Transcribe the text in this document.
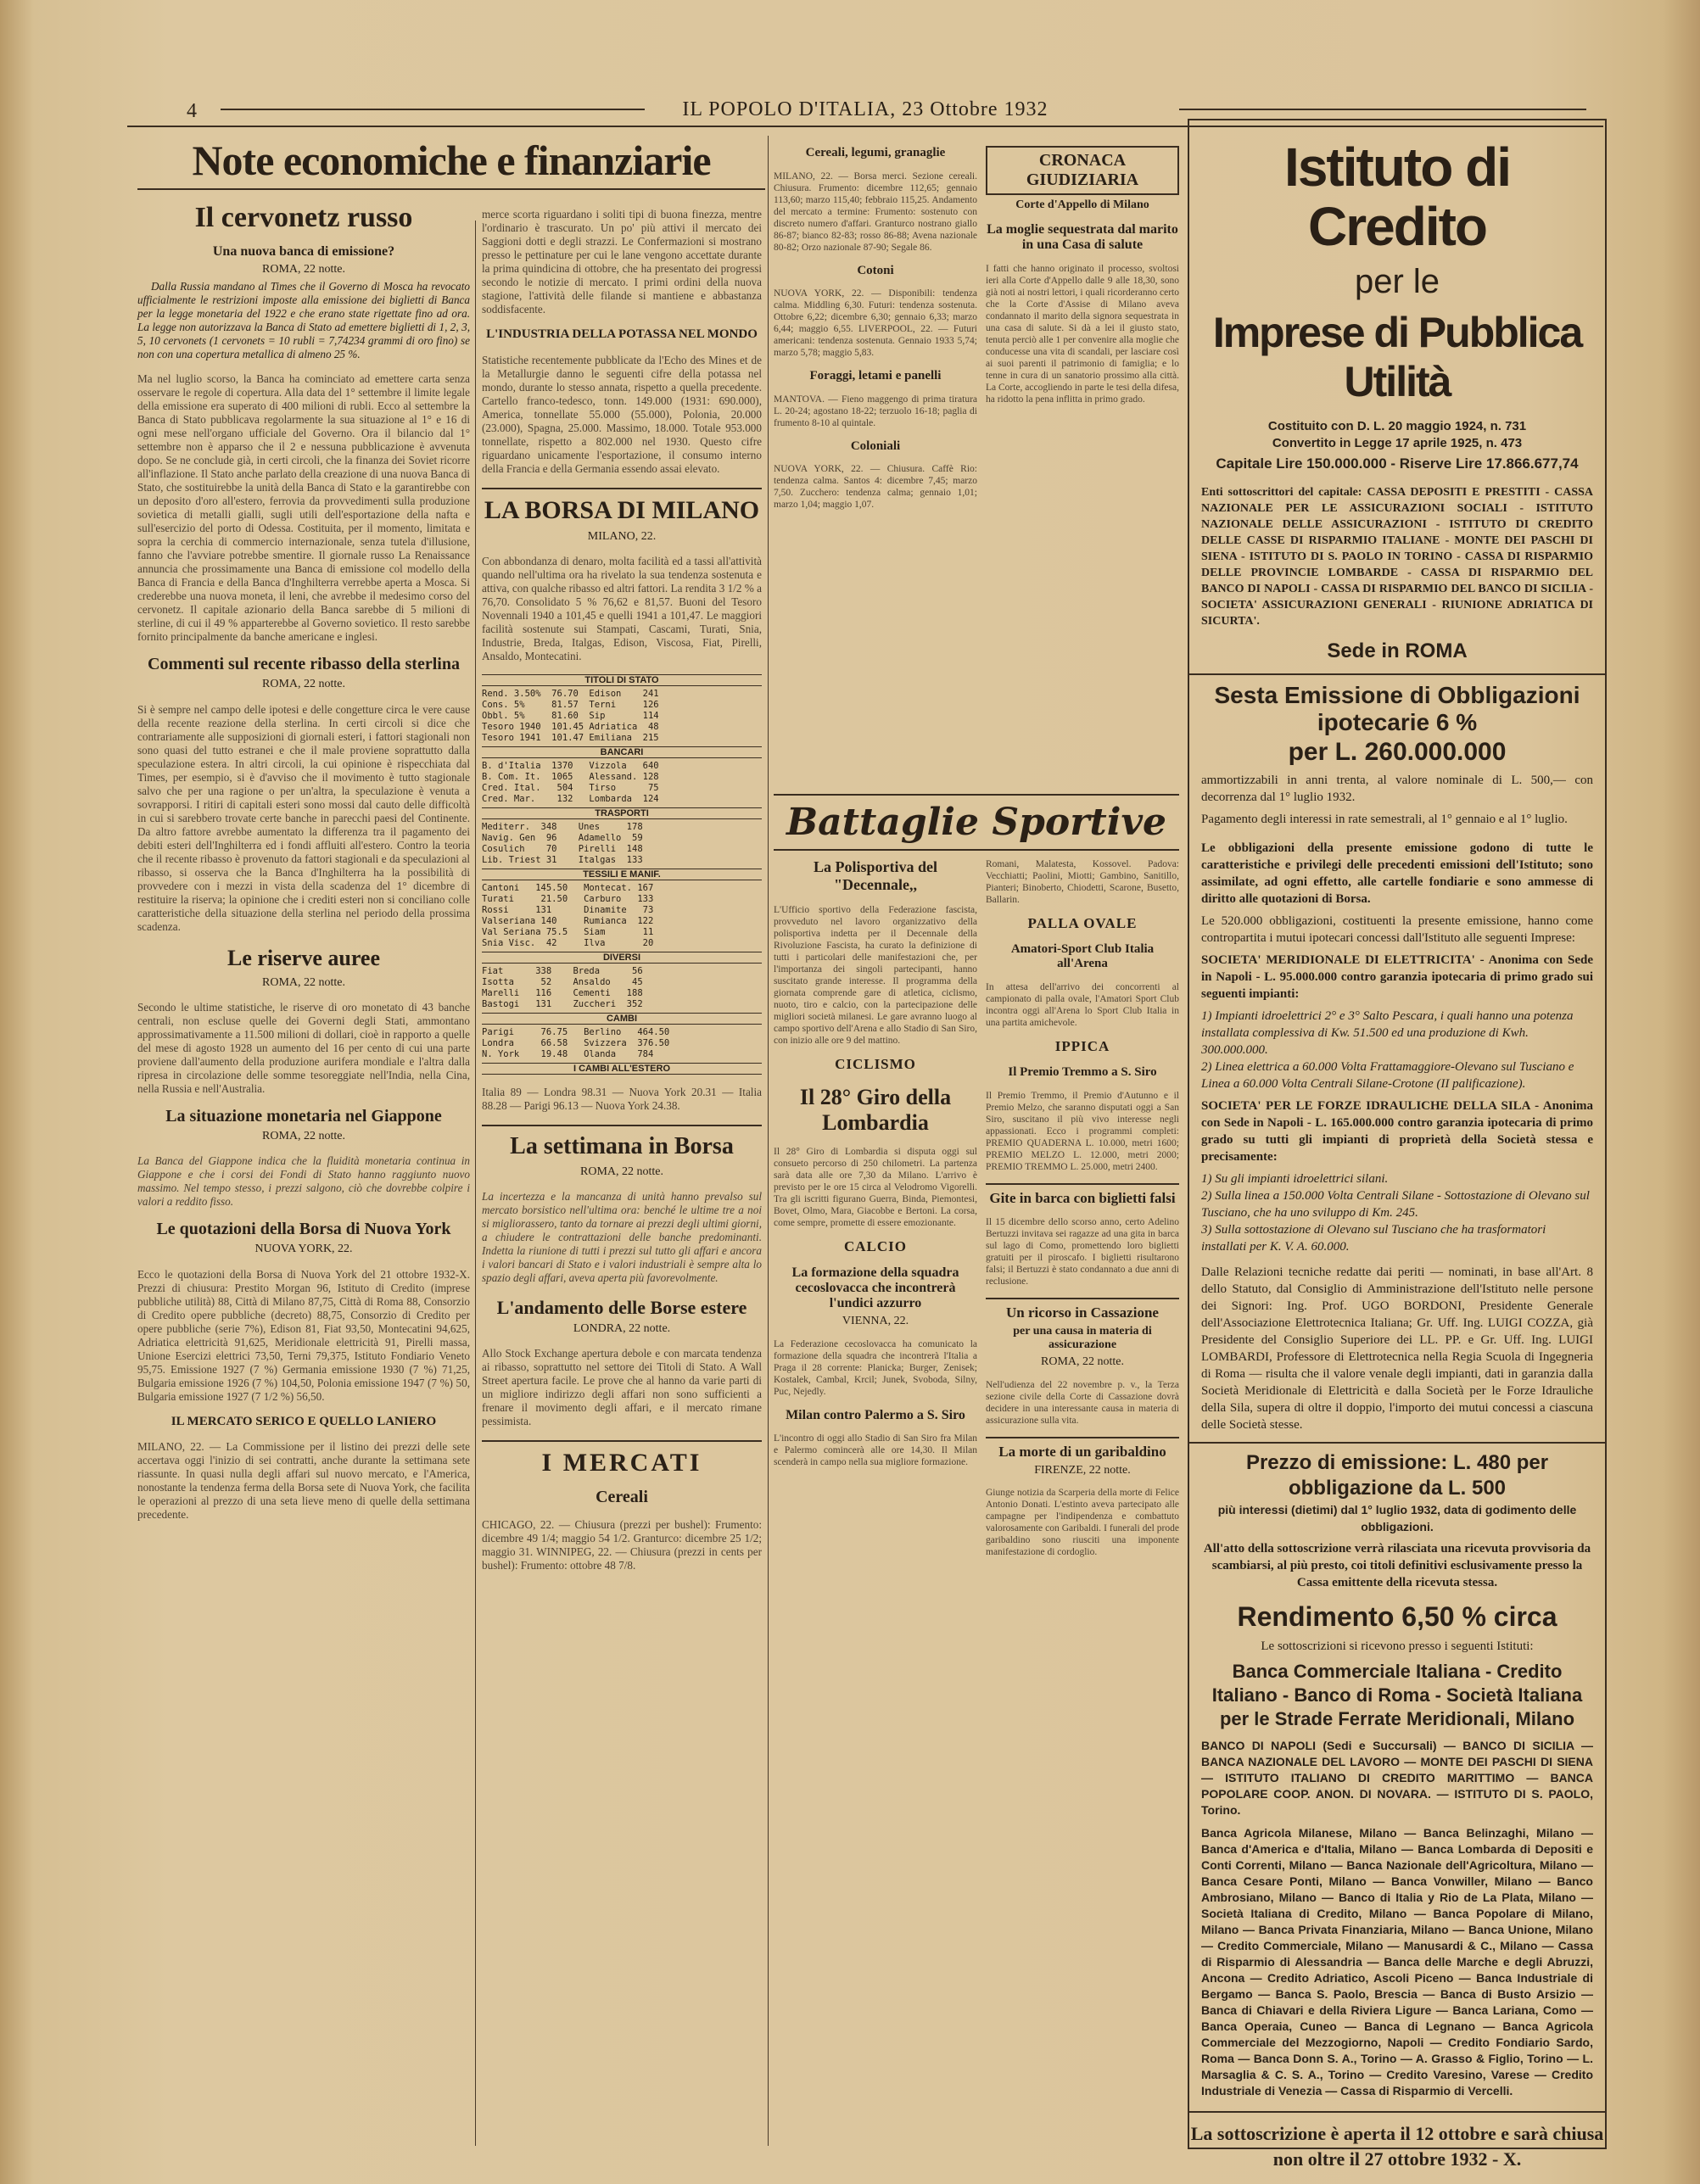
4	IL POPOLO D'ITALIA, 23 Ottobre 1932
Note economiche e finanziarie
Il cervonetz russo
Una nuova banca di emissione?
ROMA, 22 notte.

Dalla Russia mandano al Times che il Governo di Mosca ha revocato ufficialmente le restrizioni imposte alla emissione dei biglietti di Banca per la legge monetaria del 1922 e che erano state rigettate fino ad ora. La legge non autorizzava la Banca di Stato ad emettere biglietti di 1, 2, 3, 5, 10 cervonets (1 cervonets = 10 rubli = 7,74234 grammi di oro fino) se non con una copertura metallica di almeno 25 %.

Ma nel luglio scorso, la Banca ha cominciato ad emettere carta senza osservare le regole di copertura. Alla data del 1° settembre il limite legale della emissione era superato di 400 milioni di rubli. Ecco al settembre la Banca di Stato pubblicava regolarmente la sua situazione al 1° e 16 di ogni mese nell'organo ufficiale del Governo. Ora il bilancio dal 1° settembre non è apparso che il 2 e nessuna pubblicazione è avvenuta dopo. Se ne conclude già, in certi circoli, che la finanza dei Soviet ricorre all'inflazione. Il Stato anche parlato della creazione di una nuova Banca di Stato, che sostituirebbe la unità della Banca di Stato e la garantirebbe con un deposito d'oro all'estero, ferrovia da provvedimenti sulla produzione sovietica di metalli gialli, sugli utili dell'esportazione della nafta e sull'esercizio del porto di Odessa. Costituita, per il momento, limitata e sopra la cerchia di commercio internazionale, senza tutela d'illusione, fanno che l'avviare potrebbe smentire. Il giornale russo La Renaissance annuncia che prossimamente una Banca di emissione col modello della Banca di Francia e della Banca d'Inghilterra verrebbe aperta a Mosca. Si crederebbe una nuova moneta, il leni, che avrebbe il medesimo corso del cervonetz. Il capitale azionario della Banca sarebbe di 5 milioni di sterline, di cui il 49 % apparterebbe al Governo sovietico. Il resto sarebbe fornito principalmente da banche americane e inglesi.

Commenti sul recente ribasso della sterlina
ROMA, 22 notte.

Si è sempre nel campo delle ipotesi e delle congetture circa le vere cause della recente reazione della sterlina. In certi circoli si dice che contrariamente alle supposizioni di giornali esteri, i fattori stagionali non sono quasi del tutto estranei e che il male proviene soprattutto dalla speculazione estera. In altri circoli, la cui opinione è rispecchiata dal Times, per esempio, si è d'avviso che il movimento è tutto stagionale salvo che per una ragione o per un'altra, la speculazione è venuta a sovrapporsi. I ritiri di capitali esteri sono mossi dal cauto delle difficoltà in cui si sarebbero trovate certe banche in parecchi paesi del Continente. Da altro fattore avrebbe aumentato la differenza tra il pagamento dei debiti esteri dell'Inghilterra ed i fondi affluiti all'estero. Contro la teoria che il recente ribasso è provenuto da fattori stagionali e da speculazioni al ribasso, si osserva che la Banca d'Inghilterra ha la possibilità di provvedere con i mezzi in vista della scadenza del 1° dicembre di restituire la riserva; la opinione che i crediti esteri non si conciliano colle caratteristiche della situazione della sterlina nel periodo della prossima scadenza.

Le riserve auree
ROMA, 22 notte.

Secondo le ultime statistiche, le riserve di oro monetato di 43 banche centrali, non escluse quelle dei Governi degli Stati, ammontano approssimativamente a 11.500 milioni di dollari, cioè in rapporto a quelle del mese di agosto 1928 un aumento del 16 per cento di cui una parte proviene dall'aumento della produzione aurifera mondiale e l'altra dalla ripresa in circolazione delle somme tesoreggiate nell'India, nella Cina, nella Russia e nell'Australia.

La situazione monetaria nel Giappone
ROMA, 22 notte.

La Banca del Giappone indica che la fluidità monetaria continua in Giappone e che i corsi dei Fondi di Stato hanno raggiunto nuovo massimo. Nel tempo stesso, i prezzi salgono, ciò che dovrebbe colpire i valori a reddito fisso.

Le quotazioni della Borsa di Nuova York
NUOVA YORK, 22.

Ecco le quotazioni della Borsa di Nuova York del 21 ottobre 1932-X. Prezzi di chiusura: Prestito Morgan 96, Istituto di Credito (imprese pubbliche utilità) 88, Città di Milano 87,75, Città di Roma 88, Consorzio di Credito opere pubbliche (decreto) 88,75, Consorzio di Credito per opere pubbliche (serie 7%), Edison 81, Fiat 93,50, Montecatini 94,625, Adriatica elettricità 91,625, Meridionale elettricità 91, Pirelli massa, Unione Esercizi elettrici 73,50, Terni 79,375, Istituto Fondiario Veneto 95,75. Emissione 1927 (7 %) Germania emissione 1930 (7 %) 71,25, Bulgaria emissione 1926 (7 %) 104,50, Polonia emissione 1947 (7 %) 50, Bulgaria emissione 1927 (7 1/2 %) 56,50.

IL MERCATO SERICO E QUELLO LANIERO

MILANO, 22. — La Commissione per il listino dei prezzi delle sete accertava oggi l'inizio di sei contratti, anche durante la settimana sete riassunte. In quasi nulla degli affari sul nuovo mercato, e l'America, nonostante la tendenza ferma della Borsa sete di Nuova York, che facilita le operazioni al prezzo di una seta lieve meno di quelle della settimana precedente.

merce scorta riguardano i soliti tipi di buona finezza, mentre l'ordinario è trascurato. Un po' più attivi il mercato dei Saggioni dotti e degli strazzi. Le Confermazioni si mostrano presso le pettinature per cui le lane vengono accettate durante la prima quindicina di ottobre, che ha presentato dei progressi secondo le notizie di mercato. I primi ordini della nuova stagione, l'attività delle filande si mantiene e abbastanza soddisfacente.

L'INDUSTRIA DELLA POTASSA NEL MONDO

Statistiche recentemente pubblicate da l'Echo des Mines et de la Metallurgie danno le seguenti cifre della potassa nel mondo, durante lo stesso annata, rispetto a quella precedente. Cartello franco-tedesco, tonn. 149.000 (1931: 690.000), America, tonnellate 55.000 (55.000), Polonia, 20.000 (23.000), Spagna, 25.000. Massimo, 18.000. Totale 953.000 tonnellate, rispetto a 802.000 nel 1930. Questo cifre riguardano unicamente l'esportazione, il consumo interno della Francia e della Germania essendo assai elevato.

LA BORSA DI MILANO
MILANO, 22.

Con abbondanza di denaro, molta facilità ed a tassi all'attività quando nell'ultima ora ha rivelato la sua tendenza sostenuta e attiva, con qualche ribasso ed altri fattori. La rendita 3 1/2 % a 76,70. Consolidato 5 % 76,62 e 81,57. Buoni del Tesoro Novennali 1940 a 101,45 e quelli 1941 a 101,47. Le maggiori facilità sostenute sui Stampati, Cascami, Turati, Snia, Industrie, Breda, Italgas, Edison, Viscosa, Fiat, Pirelli, Ansaldo, Montecatini.

TITOLI DI STATO
Rend. 3.50%  76.70  Edison    241
Cons. 5%     81.57  Terni     126
Obbl. 5%     81.60  Sip       114
Tesoro 1940  101.45 Adriatica  48
Tesoro 1941  101.47 Emiliana  215
BANCARI
B. d'Italia  1370   Vizzola   640
B. Com. It.  1065   Alessand. 128
Cred. Ital.   504   Tirso      75
Cred. Mar.    132   Lombarda  124
TRASPORTI
Mediterr.  348    Unes     178
Navig. Gen  96    Adamello  59
Cosulich    70    Pirelli  148
Lib. Triest 31    Italgas  133
TESSILI E MANIF.
Cantoni   145.50   Montecat. 167
Turati     21.50   Carburo   133
Rossi     131      Dinamite   73
Valseriana 140     Rumianca  122
Val Seriana 75.5   Siam       11
Snia Visc.  42     Ilva       20
DIVERSI
Fiat      338    Breda      56
Isotta     52    Ansaldo    45
Marelli   116    Cementi   188
Bastogi   131    Zuccheri  352
CAMBI
Parigi     76.75   Berlino   464.50
Londra     66.58   Svizzera  376.50
N. York    19.48   Olanda    784
I CAMBI ALL'ESTERO

Italia 89 — Londra 98.31 — Nuova York 20.31 — Italia 88.28 — Parigi 96.13 — Nuova York 24.38.

La settimana in Borsa
ROMA, 22 notte.

La incertezza e la mancanza di unità hanno prevalso sul mercato borsistico nell'ultima ora: benché le ultime tre a noi si migliorassero, tanto da tornare ai prezzi degli ultimi giorni, a chiudere le contrattazioni delle banche predominanti. Indetta la riunione di tutti i prezzi sul tutto gli affari e ancora i valori bancari di Stato e i valori industriali è sempre alta lo spazio degli affari, aveva aperta più favorevolmente.

L'andamento delle Borse estere
LONDRA, 22 notte.

Allo Stock Exchange apertura debole e con marcata tendenza ai ribasso, soprattutto nel settore dei Titoli di Stato. A Wall Street apertura facile. Le prove che al hanno da varie parti di un migliore indirizzo degli affari non sono sufficienti a frenare il movimento degli affari, e il mercato rimane pessimista.

I MERCATI
Cereali

CHICAGO, 22. — Chiusura (prezzi per bushel): Frumento: dicembre 49 1/4; maggio 54 1/2. Granturco: dicembre 25 1/2; maggio 31. WINNIPEG, 22. — Chiusura (prezzi in cents per bushel): Frumento: ottobre 48 7/8.

Cereali, legumi, granaglie

MILANO, 22. — Borsa merci. Sezione cereali. Chiusura. Frumento: dicembre 112,65; gennaio 113,60; marzo 115,40; febbraio 115,25. Andamento del mercato a termine: Frumento: sostenuto con discreto numero d'affari. Granturco nostrano giallo 86-87; bianco 82-83; rosso 86-88; Avena nazionale 80-82; Orzo nazionale 87-90; Segale 86.

Cotoni

NUOVA YORK, 22. — Disponibili: tendenza calma. Middling 6,30. Futuri: tendenza sostenuta. Ottobre 6,22; dicembre 6,30; gennaio 6,33; marzo 6,44; maggio 6,55. LIVERPOOL, 22. — Futuri americani: tendenza sostenuta. Gennaio 1933 5,74; marzo 5,78; maggio 5,83.

Foraggi, letami e panelli

MANTOVA. — Fieno maggengo di prima tiratura L. 20-24; agostano 18-22; terzuolo 16-18; paglia di frumento 8-10 al quintale.

Coloniali

NUOVA YORK, 22. — Chiusura. Caffè Rio: tendenza calma. Santos 4: dicembre 7,45; marzo 7,50. Zucchero: tendenza calma; gennaio 1,01; marzo 1,04; maggio 1,07.

CRONACA GIUDIZIARIA
Corte d'Appello di Milano
La moglie sequestrata dal marito in una Casa di salute

I fatti che hanno originato il processo, svoltosi ieri alla Corte d'Appello dalle 9 alle 18,30, sono già noti ai nostri lettori, i quali ricorderanno certo che la Corte d'Assise di Milano aveva condannato il marito della signora sequestrata in una casa di salute. Si dà a lei il giusto stato, tenuta perciò alle 1 per convenire alla moglie che conducesse una vita di scandali, per lasciare così ai suoi parenti il patrimonio di famiglia; e lo tenne in cura di un sanatorio prossimo alla città. La Corte, accogliendo in parte le tesi della difesa, ha ridotto la pena inflitta in primo grado.

Battaglie Sportive
La Polisportiva del "Decennale,,

L'Ufficio sportivo della Federazione fascista, provveduto nel lavoro organizzativo della polisportiva indetta per il Decennale della Rivoluzione Fascista, ha curato la definizione di tutti i particolari delle manifestazioni che, per l'importanza dei singoli partecipanti, hanno suscitato grande interesse. Il programma della giornata comprende gare di atletica, ciclismo, nuoto, tiro e calcio, con la partecipazione delle migliori società milanesi. Le gare avranno luogo al campo sportivo dell'Arena e allo Stadio di San Siro, con inizio alle ore 9 del mattino.

CICLISMO
Il 28° Giro della Lombardia

Il 28° Giro di Lombardia si disputa oggi sul consueto percorso di 250 chilometri. La partenza sarà data alle ore 7,30 da Milano. L'arrivo è previsto per le ore 15 circa al Velodromo Vigorelli. Tra gli iscritti figurano Guerra, Binda, Piemontesi, Bovet, Olmo, Mara, Giacobbe e Bertoni. La corsa, come sempre, promette di essere emozionante.

CALCIO
La formazione della squadra cecoslovacca che incontrerà l'undici azzurro
VIENNA, 22.

La Federazione cecoslovacca ha comunicato la formazione della squadra che incontrerà l'Italia a Praga il 28 corrente: Planicka; Burger, Zenisek; Kostalek, Cambal, Krcil; Junek, Svoboda, Silny, Puc, Nejedly.

Milan contro Palermo a S. Siro

L'incontro di oggi allo Stadio di San Siro fra Milan e Palermo comincerà alle ore 14,30. Il Milan scenderà in campo nella sua migliore formazione.

Romani, Malatesta, Kossovel. Padova: Vecchiatti; Paolini, Miotti; Gambino, Sanitillo, Pianteri; Binoberto, Chiodetti, Scarone, Busetto, Ballarin.

PALLA OVALE
Amatori-Sport Club Italia all'Arena

In attesa dell'arrivo dei concorrenti al campionato di palla ovale, l'Amatori Sport Club incontra oggi all'Arena lo Sport Club Italia in una partita amichevole.

IPPICA
Il Premio Tremmo a S. Siro

Il Premio Tremmo, il Premio d'Autunno e il Premio Melzo, che saranno disputati oggi a San Siro, suscitano il più vivo interesse negli appassionati. Ecco i programmi completi: PREMIO QUADERNA L. 10.000, metri 1600; PREMIO MELZO L. 12.000, metri 2000; PREMIO TREMMO L. 25.000, metri 2400.

Gite in barca con biglietti falsi

Il 15 dicembre dello scorso anno, certo Adelino Bertuzzi invitava sei ragazze ad una gita in barca sul lago di Como, promettendo loro biglietti gratuiti per il piroscafo. I biglietti risultarono falsi; il Bertuzzi è stato condannato a due anni di reclusione.

Un ricorso in Cassazione
per una causa in materia di assicurazione
ROMA, 22 notte.

Nell'udienza del 22 novembre p. v., la Terza sezione civile della Corte di Cassazione dovrà decidere in una interessante causa in materia di assicurazione sulla vita.

La morte di un garibaldino
FIRENZE, 22 notte.

Giunge notizia da Scarperia della morte di Felice Antonio Donati. L'estinto aveva partecipato alle campagne per l'indipendenza e combattuto valorosamente con Garibaldi. I funerali del prode garibaldino sono riusciti una imponente manifestazione di cordoglio.

Istituto di Credito
per le
Imprese di Pubblica Utilità
Costituito con D. L. 20 maggio 1924, n. 731
Convertito in Legge 17 aprile 1925, n. 473
Capitale Lire 150.000.000 - Riserve Lire 17.866.677,74
Enti sottoscrittori del capitale: CASSA DEPOSITI E PRESTITI - CASSA NAZIONALE PER LE ASSICURAZIONI SOCIALI - ISTITUTO NAZIONALE DELLE ASSICURAZIONI - ISTITUTO DI CREDITO DELLE CASSE DI RISPARMIO ITALIANE - MONTE DEI PASCHI DI SIENA - ISTITUTO DI S. PAOLO IN TORINO - CASSA DI RISPARMIO DELLE PROVINCIE LOMBARDE - CASSA DI RISPARMIO DEL BANCO DI NAPOLI - CASSA DI RISPARMIO DEL BANCO DI SICILIA - SOCIETA' ASSICURAZIONI GENERALI - RIUNIONE ADRIATICA DI SICURTA'.
Sede in ROMA
Sesta Emissione di Obbligazioni ipotecarie 6 %
per L. 260.000.000
ammortizzabili in anni trenta, al valore nominale di L. 500,— con decorrenza dal 1° luglio 1932.
Pagamento degli interessi in rate semestrali, al 1° gennaio e al 1° luglio.
Le obbligazioni della presente emissione godono di tutte le caratteristiche e privilegi delle precedenti emissioni dell'Istituto; sono assimilate, ad ogni effetto, alle cartelle fondiarie e sono ammesse di diritto alle quotazioni di Borsa.
Le 520.000 obbligazioni, costituenti la presente emissione, hanno come contropartita i mutui ipotecari concessi dall'Istituto alle seguenti Imprese:
SOCIETA' MERIDIONALE DI ELETTRICITA' - Anonima con Sede in Napoli - L. 95.000.000 contro garanzia ipotecaria di primo grado sui seguenti impianti:
1) Impianti idroelettrici 2° e 3° Salto Pescara, i quali hanno una potenza installata complessiva di Kw. 51.500 ed una produzione di Kwh. 300.000.000.
2) Linea elettrica a 60.000 Volta Frattamaggiore-Olevano sul Tusciano e Linea a 60.000 Volta Centrali Silane-Crotone (II palificazione).
SOCIETA' PER LE FORZE IDRAULICHE DELLA SILA - Anonima con Sede in Napoli - L. 165.000.000 contro garanzia ipotecaria di primo grado su tutti gli impianti di proprietà della Società stessa e precisamente:
1) Su gli impianti idroelettrici silani.
2) Sulla linea a 150.000 Volta Centrali Silane - Sottostazione di Olevano sul Tusciano, che ha uno sviluppo di Km. 245.
3) Sulla sottostazione di Olevano sul Tusciano che ha trasformatori installati per K. V. A. 60.000.
Dalle Relazioni tecniche redatte dai periti — nominati, in base all'Art. 8 dello Statuto, dal Consiglio di Amministrazione dell'Istituto nelle persone dei Signori: Ing. Prof. UGO BORDONI, Presidente Generale dell'Associazione Elettrotecnica Italiana; Gr. Uff. Ing. LUIGI COZZA, già Presidente del Consiglio Superiore dei LL. PP. e Gr. Uff. Ing. LUIGI LOMBARDI, Professore di Elettrotecnica nella Regia Scuola di Ingegneria di Roma — risulta che il valore venale degli impianti, dati in garanzia dalla Società Meridionale di Elettricità e dalla Società per le Forze Idrauliche della Sila, supera di oltre il doppio, l'importo dei mutui concessi a ciascuna delle Società stesse.
Prezzo di emissione: L. 480 per obbligazione da L. 500
più interessi (dietimi) dal 1° luglio 1932, data di godimento delle obbligazioni.
All'atto della sottoscrizione verrà rilasciata una ricevuta provvisoria da scambiarsi, al più presto, coi titoli definitivi esclusivamente presso la Cassa emittente della ricevuta stessa.
Rendimento 6,50 % circa
Le sottoscrizioni si ricevono presso i seguenti Istituti:
Banca Commerciale Italiana - Credito Italiano - Banco di Roma - Società Italiana per le Strade Ferrate Meridionali, Milano
BANCO DI NAPOLI (Sedi e Succursali) — BANCO DI SICILIA — BANCA NAZIONALE DEL LAVORO — MONTE DEI PASCHI DI SIENA — ISTITUTO ITALIANO DI CREDITO MARITTIMO — BANCA POPOLARE COOP. ANON. DI NOVARA. — ISTITUTO DI S. PAOLO, Torino.
Banca Agricola Milanese, Milano — Banca Belinzaghi, Milano — Banca d'America e d'Italia, Milano — Banca Lombarda di Depositi e Conti Correnti, Milano — Banca Nazionale dell'Agricoltura, Milano — Banca Cesare Ponti, Milano — Banca Vonwiller, Milano — Banco Ambrosiano, Milano — Banco di Italia y Rio de La Plata, Milano — Società Italiana di Credito, Milano — Banca Popolare di Milano, Milano — Banca Privata Finanziaria, Milano — Banca Unione, Milano — Credito Commerciale, Milano — Manusardi & C., Milano — Cassa di Risparmio di Alessandria — Banca delle Marche e degli Abruzzi, Ancona — Credito Adriatico, Ascoli Piceno — Banca Industriale di Bergamo — Banca S. Paolo, Brescia — Banca di Busto Arsizio — Banca di Chiavari e della Riviera Ligure — Banca Lariana, Como — Banca Operaia, Cuneo — Banca di Legnano — Banca Agricola Commerciale del Mezzogiorno, Napoli — Credito Fondiario Sardo, Roma — Banca Donn S. A., Torino — A. Grasso & Figlio, Torino — L. Marsaglia & C. S. A., Torino — Credito Varesino, Varese — Credito Industriale di Venezia — Cassa di Risparmio di Vercelli.
La sottoscrizione è aperta il 12 ottobre e sarà chiusa non oltre il 27 ottobre 1932 - X.
